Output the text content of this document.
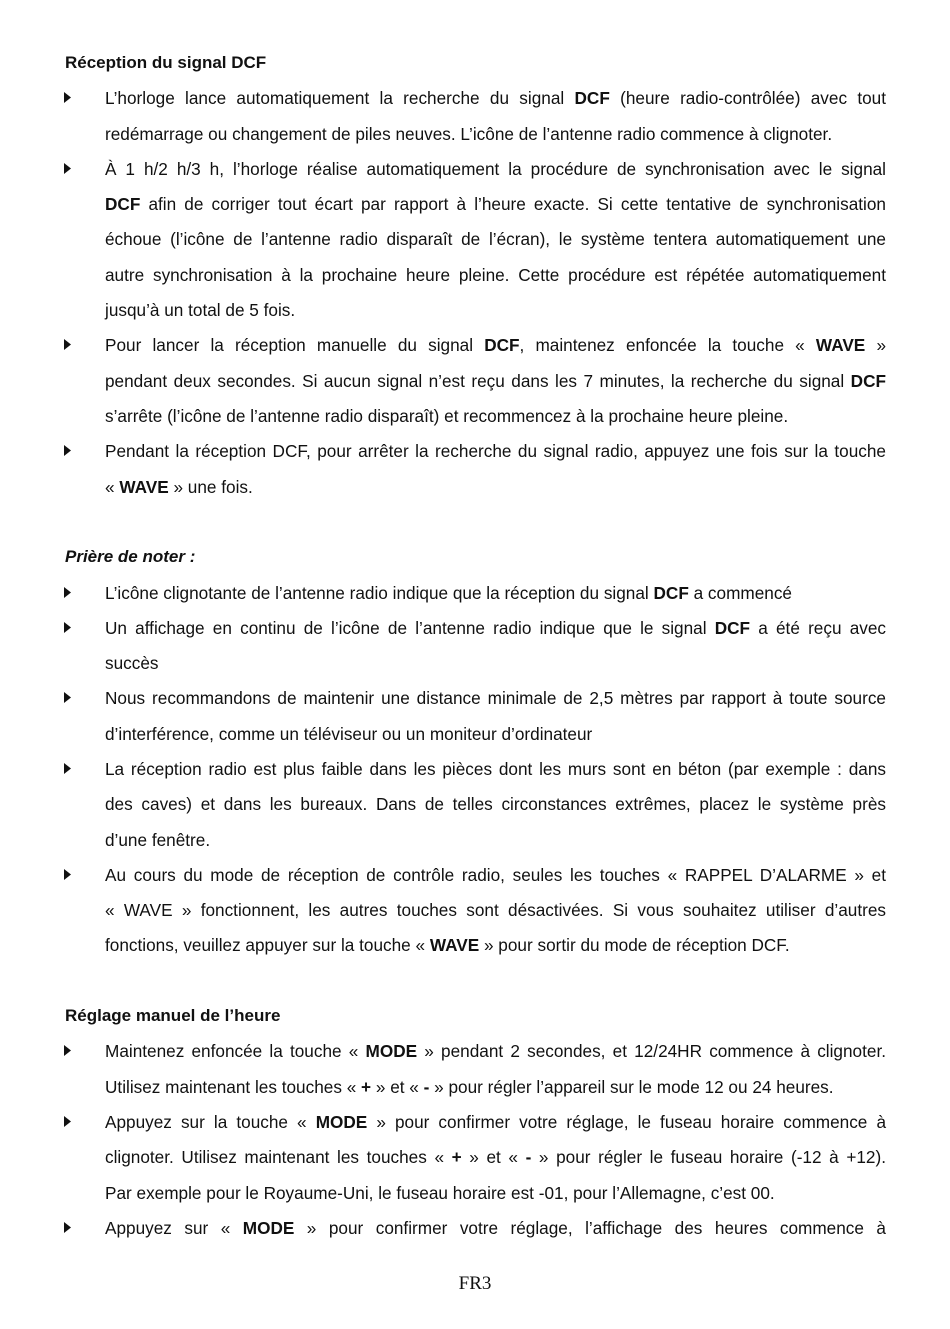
Réception du signal DCF
L’horloge lance automatiquement la recherche du signal DCF (heure radio-contrôlée) avec tout
redémarrage ou changement de piles neuves. L’icône de l’antenne radio commence à clignoter.
À 1 h/2 h/3 h, l’horloge réalise automatiquement la procédure de synchronisation avec le signal
DCF afin de corriger tout écart par rapport à l’heure exacte. Si cette tentative de synchronisation
échoue (l’icône de l’antenne radio disparaît de l’écran), le système tentera automatiquement une
autre synchronisation à la prochaine heure pleine. Cette procédure est répétée automatiquement
jusqu’à un total de 5 fois.
Pour lancer la réception manuelle du signal DCF, maintenez enfoncée la touche « WAVE »
pendant deux secondes. Si aucun signal n’est reçu dans les 7 minutes, la recherche du signal DCF
s’arrête (l’icône de l’antenne radio disparaît) et recommencez à la prochaine heure pleine.
Pendant la réception DCF, pour arrêter la recherche du signal radio, appuyez une fois sur la touche
« WAVE » une fois.
Prière de noter :
L’icône clignotante de l’antenne radio indique que la réception du signal DCF a commencé
Un affichage en continu de l’icône de l’antenne radio indique que le signal DCF a été reçu avec
succès
Nous recommandons de maintenir une distance minimale de 2,5 mètres par rapport à toute source
d’interférence, comme un téléviseur ou un moniteur d’ordinateur
La réception radio est plus faible dans les pièces dont les murs sont en béton (par exemple : dans
des caves) et dans les bureaux. Dans de telles circonstances extrêmes, placez le système près
d’une fenêtre.
Au cours du mode de réception de contrôle radio, seules les touches « RAPPEL D’ALARME » et
« WAVE » fonctionnent, les autres touches sont désactivées. Si vous souhaitez utiliser d’autres
fonctions, veuillez appuyer sur la touche « WAVE » pour sortir du mode de réception DCF.
Réglage manuel de l’heure
Maintenez enfoncée la touche « MODE » pendant 2 secondes, et 12/24HR commence à clignoter.
Utilisez maintenant les touches « + » et « - » pour régler l’appareil sur le mode 12 ou 24 heures.
Appuyez sur la touche « MODE » pour confirmer votre réglage, le fuseau horaire commence à
clignoter. Utilisez maintenant les touches « + » et « - » pour régler le fuseau horaire (-12 à +12).
Par exemple pour le Royaume-Uni, le fuseau horaire est -01, pour l’Allemagne, c’est 00.
Appuyez sur « MODE » pour confirmer votre réglage, l’affichage des heures commence à
FR3
